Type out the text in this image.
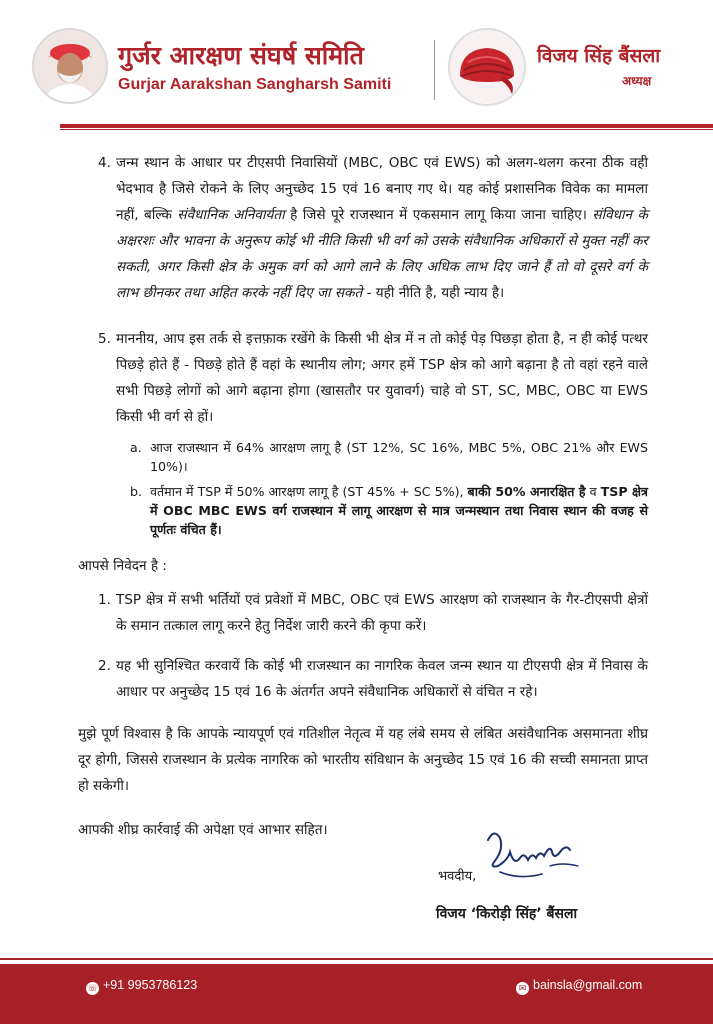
गुर्जर आरक्षण संघर्ष समिति
Gurjar Aarakshan Sangharsh Samiti
विजय सिंह बैंसला
अध्यक्ष
4. जन्म स्थान के आधार पर टीएसपी निवासियों (MBC, OBC एवं EWS) को अलग-थलग करना ठीक वही भेदभाव है जिसे रोकने के लिए अनुच्छेद 15 एवं 16 बनाए गए थे। यह कोई प्रशासनिक विवेक का मामला नहीं, बल्कि संवैधानिक अनिवार्यता है जिसे पूरे राजस्थान में एकसमान लागू किया जाना चाहिए। संविधान के अक्षरशः और भावना के अनुरूप कोई भी नीति किसी भी वर्ग को उसके संवैधानिक अधिकारों से मुक्त नहीं कर सकती, अगर किसी क्षेत्र के अमुक वर्ग को आगे लाने के लिए अधिक लाभ दिए जाने हैं तो वो दूसरे वर्ग के लाभ छीनकर तथा अहित करके नहीं दिए जा सकते - यही नीति है, यही न्याय है।
5. माननीय, आप इस तर्क से इत्तफ़ाक रखेंगे के किसी भी क्षेत्र में न तो कोई पेड़ पिछड़ा होता है, न ही कोई पत्थर पिछड़े होते हैं - पिछड़े होते हैं वहां के स्थानीय लोग; अगर हमें TSP क्षेत्र को आगे बढ़ाना है तो वहां रहने वाले सभी पिछड़े लोगों को आगे बढ़ाना होगा (खासतौर पर युवावर्ग) चाहे वो ST, SC, MBC, OBC या EWS किसी भी वर्ग से हों।
a. आज राजस्थान में 64% आरक्षण लागू है (ST 12%, SC 16%, MBC 5%, OBC 21% और EWS 10%)।
b. वर्तमान में TSP में 50% आरक्षण लागू है (ST 45% + SC 5%), बाकी 50% अनारक्षित है व TSP क्षेत्र में OBC MBC EWS वर्ग राजस्थान में लागू आरक्षण से मात्र जन्मस्थान तथा निवास स्थान की वजह से पूर्णतः वंचित हैं।
आपसे निवेदन है :
1. TSP क्षेत्र में सभी भर्तियों एवं प्रवेशों में MBC, OBC एवं EWS आरक्षण को राजस्थान के गैर-टीएसपी क्षेत्रों के समान तत्काल लागू करने हेतु निर्देश जारी करने की कृपा करें।
2. यह भी सुनिश्चित करवायें कि कोई भी राजस्थान का नागरिक केवल जन्म स्थान या टीएसपी क्षेत्र में निवास के आधार पर अनुच्छेद 15 एवं 16 के अंतर्गत अपने संवैधानिक अधिकारों से वंचित न रहे।
मुझे पूर्ण विश्वास है कि आपके न्यायपूर्ण एवं गतिशील नेतृत्व में यह लंबे समय से लंबित असंवैधानिक असमानता शीघ्र दूर होगी, जिससे राजस्थान के प्रत्येक नागरिक को भारतीय संविधान के अनुच्छेद 15 एवं 16 की सच्ची समानता प्राप्त हो सकेगी।
आपकी शीघ्र कार्रवाई की अपेक्षा एवं आभार सहित।
भवदीय,
विजय ‘किरोड़ी सिंह’ बैंसला
☏ +91 9953786123	✉ bainsla@gmail.com
